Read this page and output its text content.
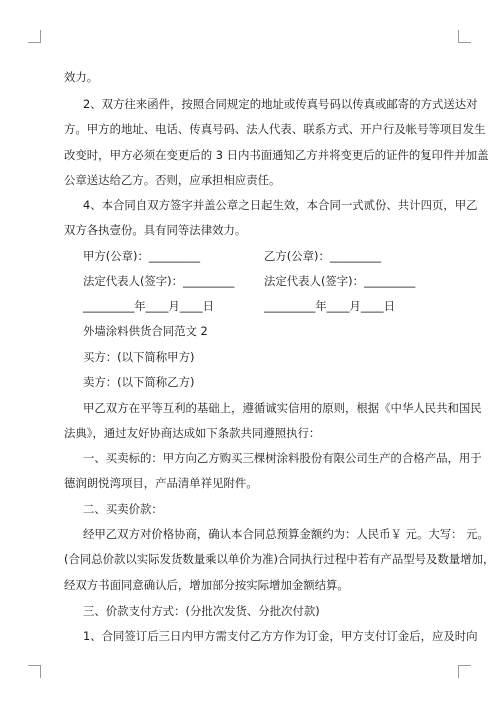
效力。
2、双方往来函件，按照合同规定的地址或传真号码以传真或邮寄的方式送达对
方。甲方的地址、电话、传真号码、法人代表、联系方式、开户行及帐号等项目发生
改变时，甲方必须在变更后的 3 日内书面通知乙方并将变更后的证件的复印件并加盖
公章送达给乙方。否则，应承担相应责任。
4、本合同自双方签字并盖公章之日起生效，本合同一式贰份、共计四页，甲乙
双方各执壹份。具有同等法律效力。
甲方(公章)：_________	乙方(公章)：_________
法定代表人(签字)：_________	法定代表人(签字)：_________
_________年____月____日	_________年____月____日
外墙涂料供货合同范文 2
买方：(以下简称甲方)
卖方：(以下简称乙方)
甲乙双方在平等互利的基础上，遵循诚实信用的原则，根据《中华人民共和国民
法典》，通过友好协商达成如下条款共同遵照执行：
一、买卖标的：甲方向乙方购买三棵树涂料股份有限公司生产的合格产品，用于
德润朗悦湾项目，产品清单祥见附件。
二、买卖价款：
经甲乙双方对价格协商，确认本合同总预算金额约为：人民币￥ 元。大写： 元。
(合同总价款以实际发货数量乘以单价为准)合同执行过程中若有产品型号及数量增加，
经双方书面同意确认后，增加部分按实际增加金额结算。
三、价款支付方式：(分批次发货、分批次付款)
1、合同签订后三日内甲方需支付乙方方作为订金，甲方支付订金后，应及时向
